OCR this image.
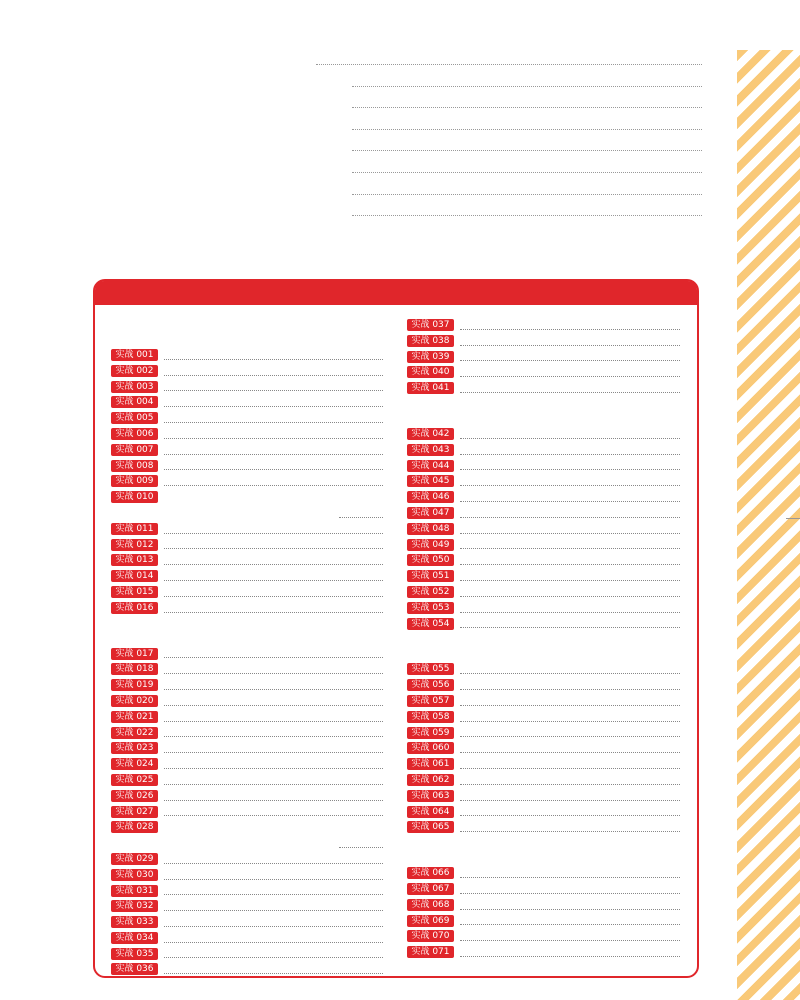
实战 001
实战 002
实战 003
实战 004
实战 005
实战 006
实战 007
实战 008
实战 009
实战 010
实战 011
实战 012
实战 013
实战 014
实战 015
实战 016
实战 017
实战 018
实战 019
实战 020
实战 021
实战 022
实战 023
实战 024
实战 025
实战 026
实战 027
实战 028
实战 029
实战 030
实战 031
实战 032
实战 033
实战 034
实战 035
实战 036
实战 037
实战 038
实战 039
实战 040
实战 041
实战 042
实战 043
实战 044
实战 045
实战 046
实战 047
实战 048
实战 049
实战 050
实战 051
实战 052
实战 053
实战 054
实战 055
实战 056
实战 057
实战 058
实战 059
实战 060
实战 061
实战 062
实战 063
实战 064
实战 065
实战 066
实战 067
实战 068
实战 069
实战 070
实战 071
